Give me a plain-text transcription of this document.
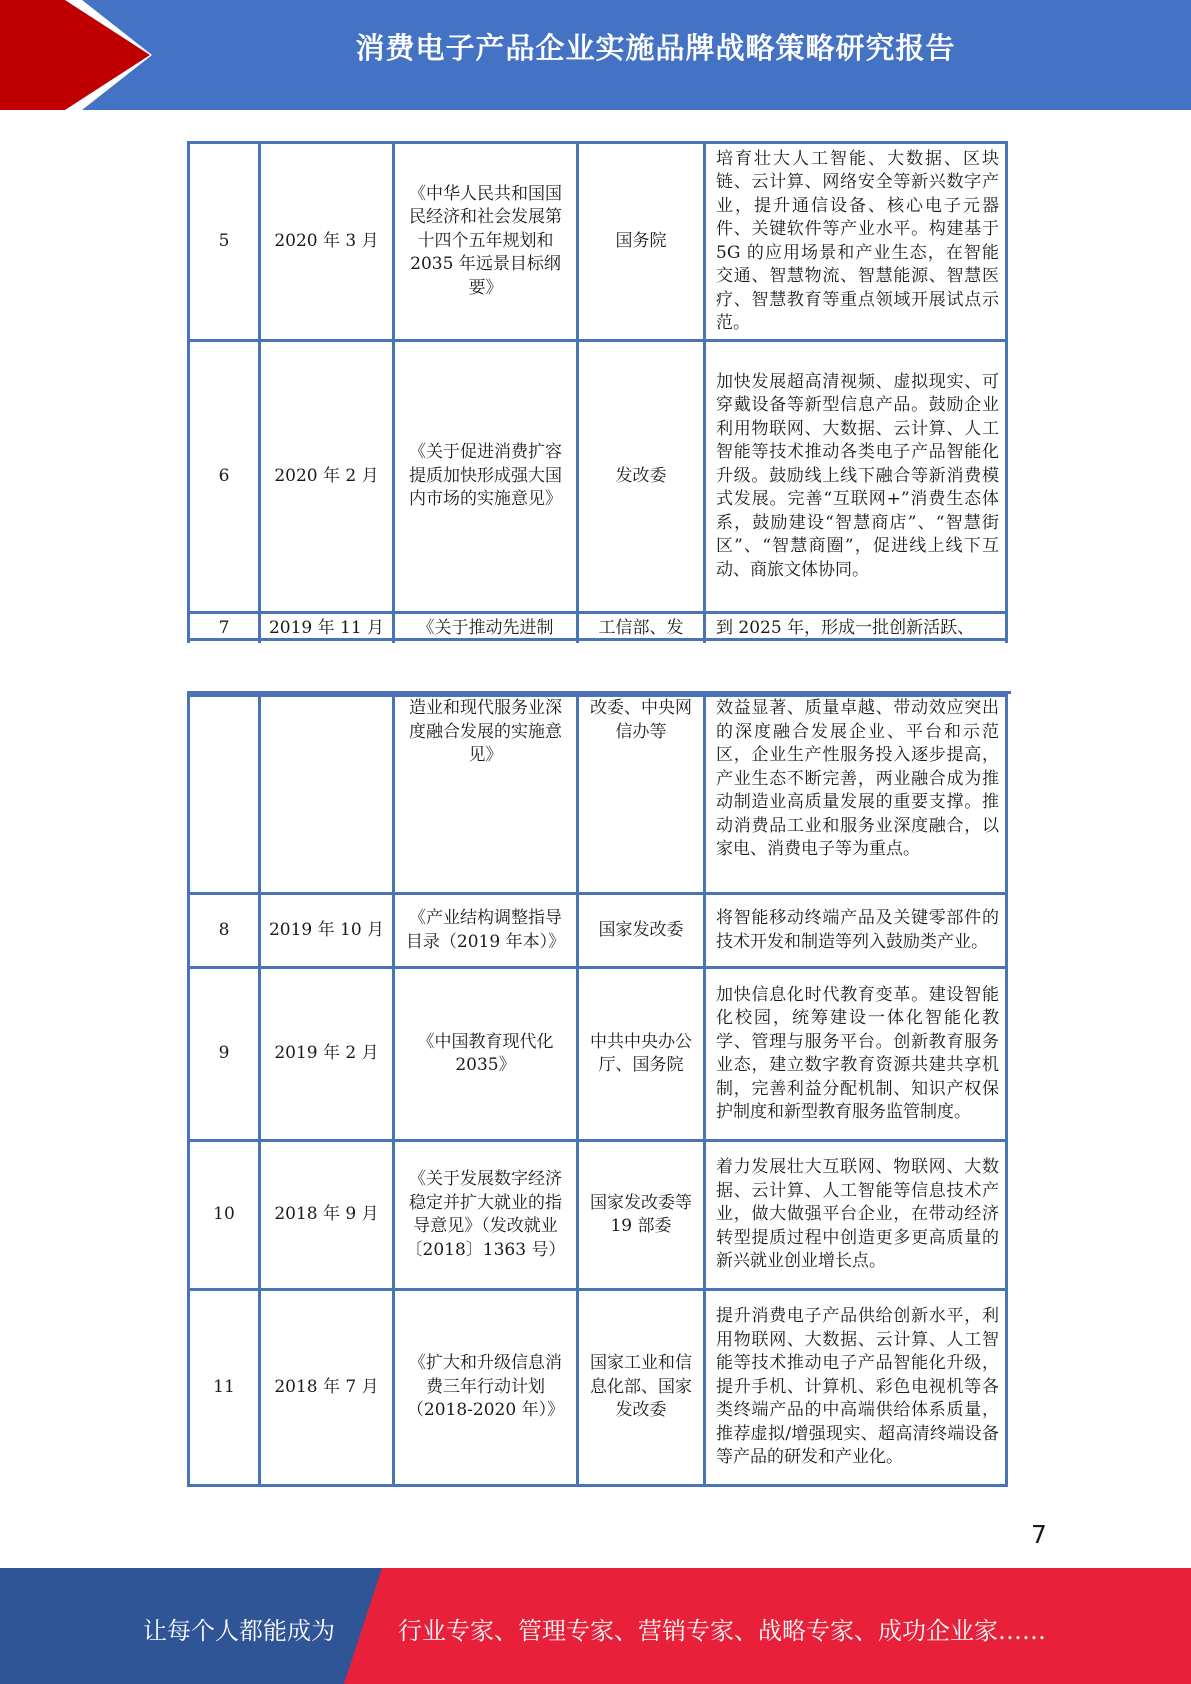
消费电子产品企业实施品牌战略策略研究报告
5	2020 年 3 月	《中华人民共和国国民经济和社会发展第十四个五年规划和 2035 年远景目标纲要》	国务院	培育壮大人工智能、大数据、区块链、云计算、网络安全等新兴数字产业，提升通信设备、核心电子元器件、关键软件等产业水平。构建基于 5G 的应用场景和产业生态，在智能交通、智慧物流、智慧能源、智慧医疗、智慧教育等重点领域开展试点示范。
6	2020 年 2 月	《关于促进消费扩容提质加快形成强大国内市场的实施意见》	发改委	加快发展超高清视频、虚拟现实、可穿戴设备等新型信息产品。鼓励企业利用物联网、大数据、云计算、人工智能等技术推动各类电子产品智能化升级。鼓励线上线下融合等新消费模式发展。完善“互联网+”消费生态体系，鼓励建设“智慧商店”、“智慧街区”、“智慧商圈”，促进线上线下互动、商旅文体协同。
7	2019 年 11 月	《关于推动先进制	工信部、发	到 2025 年，形成一批创新活跃、
		造业和现代服务业深度融合发展的实施意见》	改委、中央网信办等	效益显著、质量卓越、带动效应突出的深度融合发展企业、平台和示范区，企业生产性服务投入逐步提高，产业生态不断完善，两业融合成为推动制造业高质量发展的重要支撑。推动消费品工业和服务业深度融合，以家电、消费电子等为重点。
8	2019 年 10 月	《产业结构调整指导目录（2019 年本）》	国家发改委	将智能移动终端产品及关键零部件的技术开发和制造等列入鼓励类产业。
9	2019 年 2 月	《中国教育现代化 2035》	中共中央办公厅、国务院	加快信息化时代教育变革。建设智能化校园，统筹建设一体化智能化教学、管理与服务平台。创新教育服务业态，建立数字教育资源共建共享机制，完善利益分配机制、知识产权保护制度和新型教育服务监管制度。
10	2018 年 9 月	《关于发展数字经济稳定并扩大就业的指导意见》（发改就业〔2018〕1363 号）	国家发改委等 19 部委	着力发展壮大互联网、物联网、大数据、云计算、人工智能等信息技术产业，做大做强平台企业，在带动经济转型提质过程中创造更多更高质量的新兴就业创业增长点。
11	2018 年 7 月	《扩大和升级信息消费三年行动计划（2018-2020 年）》	国家工业和信息化部、国家发改委	提升消费电子产品供给创新水平，利用物联网、大数据、云计算、人工智能等技术推动电子产品智能化升级，提升手机、计算机、彩色电视机等各类终端产品的中高端供给体系质量，推荐虚拟/增强现实、超高清终端设备等产品的研发和产业化。
7
让每个人都能成为	行业专家、管理专家、营销专家、战略专家、成功企业家……
